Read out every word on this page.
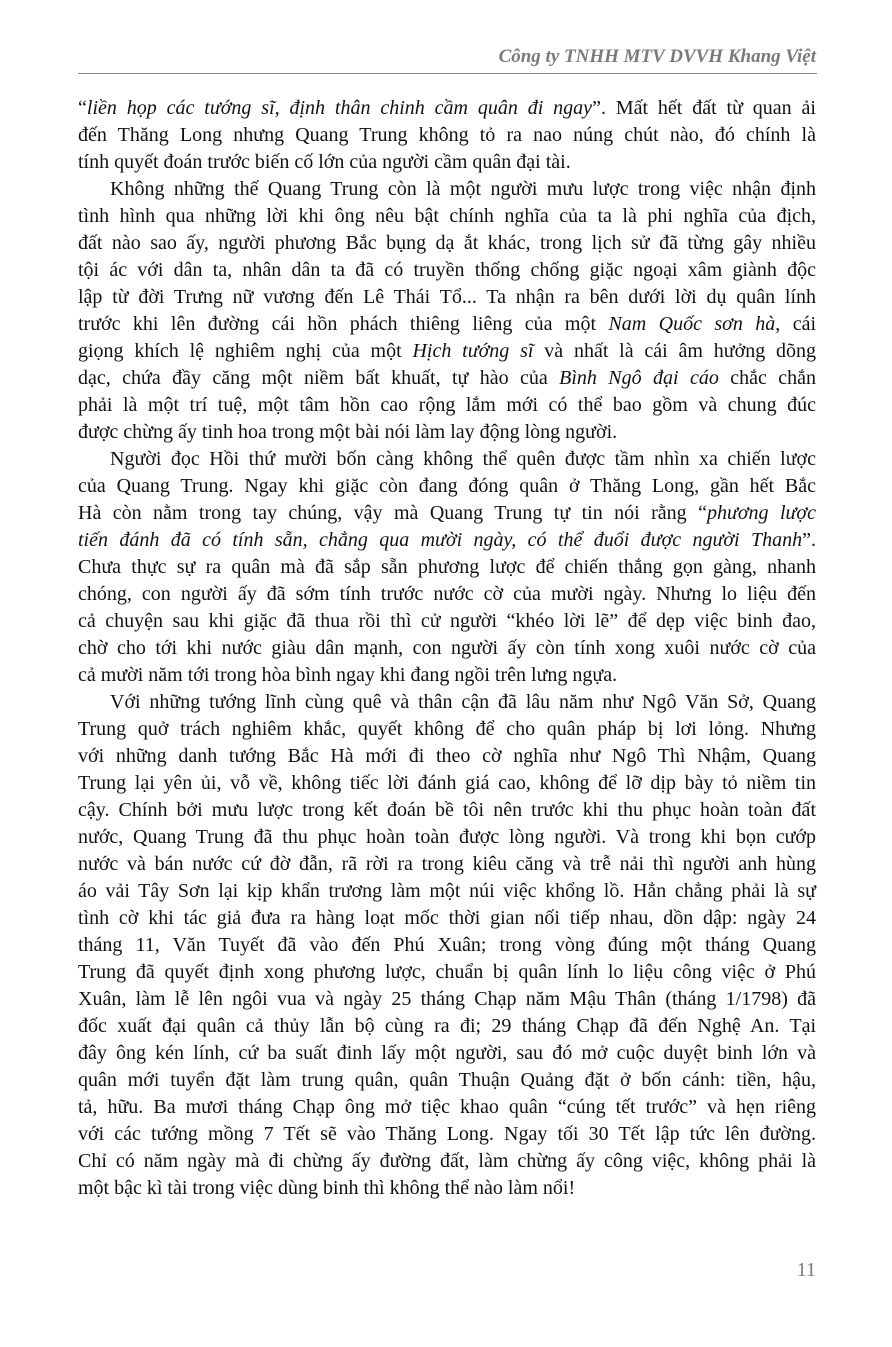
Công ty TNHH MTV DVVH Khang Việt
“liền họp các tướng sĩ, định thân chinh cầm quân đi ngay”. Mất hết đất từ quan ải
đến Thăng Long nhưng Quang Trung không tỏ ra nao núng chút nào, đó chính là
tính quyết đoán trước biến cố lớn của người cầm quân đại tài.
Không những thế Quang Trung còn là một người mưu lược trong việc nhận định
tình hình qua những lời khi ông nêu bật chính nghĩa của ta là phi nghĩa của địch,
đất nào sao ấy, người phương Bắc bụng dạ ắt khác, trong lịch sử đã từng gây nhiều
tội ác với dân ta, nhân dân ta đã có truyền thống chống giặc ngoại xâm giành độc
lập từ đời Trưng nữ vương đến Lê Thái Tổ... Ta nhận ra bên dưới lời dụ quân lính
trước khi lên đường cái hồn phách thiêng liêng của một Nam Quốc sơn hà, cái
giọng khích lệ nghiêm nghị của một Hịch tướng sĩ và nhất là cái âm hưởng dõng
dạc, chứa đầy căng một niềm bất khuất, tự hào của Bình Ngô đại cáo chắc chắn
phải là một trí tuệ, một tâm hồn cao rộng lắm mới có thể bao gồm và chung đúc
được chừng ấy tinh hoa trong một bài nói làm lay động lòng người.
Người đọc Hồi thứ mười bốn càng không thể quên được tầm nhìn xa chiến lược
của Quang Trung. Ngay khi giặc còn đang đóng quân ở Thăng Long, gần hết Bắc
Hà còn nằm trong tay chúng, vậy mà Quang Trung tự tin nói rằng “phương lược
tiến đánh đã có tính sẵn, chẳng qua mười ngày, có thể đuổi được người Thanh”.
Chưa thực sự ra quân mà đã sắp sẵn phương lược để chiến thắng gọn gàng, nhanh
chóng, con người ấy đã sớm tính trước nước cờ của mười ngày. Nhưng lo liệu đến
cả chuyện sau khi giặc đã thua rồi thì cử người “khéo lời lẽ” để dẹp việc binh đao,
chờ cho tới khi nước giàu dân mạnh, con người ấy còn tính xong xuôi nước cờ của
cả mười năm tới trong hòa bình ngay khi đang ngồi trên lưng ngựa.
Với những tướng lĩnh cùng quê và thân cận đã lâu năm như Ngô Văn Sở, Quang
Trung quở trách nghiêm khắc, quyết không để cho quân pháp bị lơi lỏng. Nhưng
với những danh tướng Bắc Hà mới đi theo cờ nghĩa như Ngô Thì Nhậm, Quang
Trung lại yên ủi, vỗ về, không tiếc lời đánh giá cao, không để lỡ dịp bày tỏ niềm tin
cậy. Chính bởi mưu lược trong kết đoán bề tôi nên trước khi thu phục hoàn toàn đất
nước, Quang Trung đã thu phục hoàn toàn được lòng người. Và trong khi bọn cướp
nước và bán nước cứ đờ đẫn, rã rời ra trong kiêu căng và trễ nải thì người anh hùng
áo vải Tây Sơn lại kịp khẩn trương làm một núi việc khổng lồ. Hẳn chẳng phải là sự
tình cờ khi tác giả đưa ra hàng loạt mốc thời gian nối tiếp nhau, dồn dập: ngày 24
tháng 11, Văn Tuyết đã vào đến Phú Xuân; trong vòng đúng một tháng Quang
Trung đã quyết định xong phương lược, chuẩn bị quân lính lo liệu công việc ở Phú
Xuân, làm lễ lên ngôi vua và ngày 25 tháng Chạp năm Mậu Thân (tháng 1/1798) đã
đốc xuất đại quân cả thủy lẫn bộ cùng ra đi; 29 tháng Chạp đã đến Nghệ An. Tại
đây ông kén lính, cứ ba suất đinh lấy một người, sau đó mở cuộc duyệt binh lớn và
quân mới tuyển đặt làm trung quân, quân Thuận Quảng đặt ở bốn cánh: tiền, hậu,
tả, hữu. Ba mươi tháng Chạp ông mở tiệc khao quân “cúng tết trước” và hẹn riêng
với các tướng mồng 7 Tết sẽ vào Thăng Long. Ngay tối 30 Tết lập tức lên đường.
Chỉ có năm ngày mà đi chừng ấy đường đất, làm chừng ấy công việc, không phải là
một bậc kì tài trong việc dùng binh thì không thể nào làm nổi!
11
